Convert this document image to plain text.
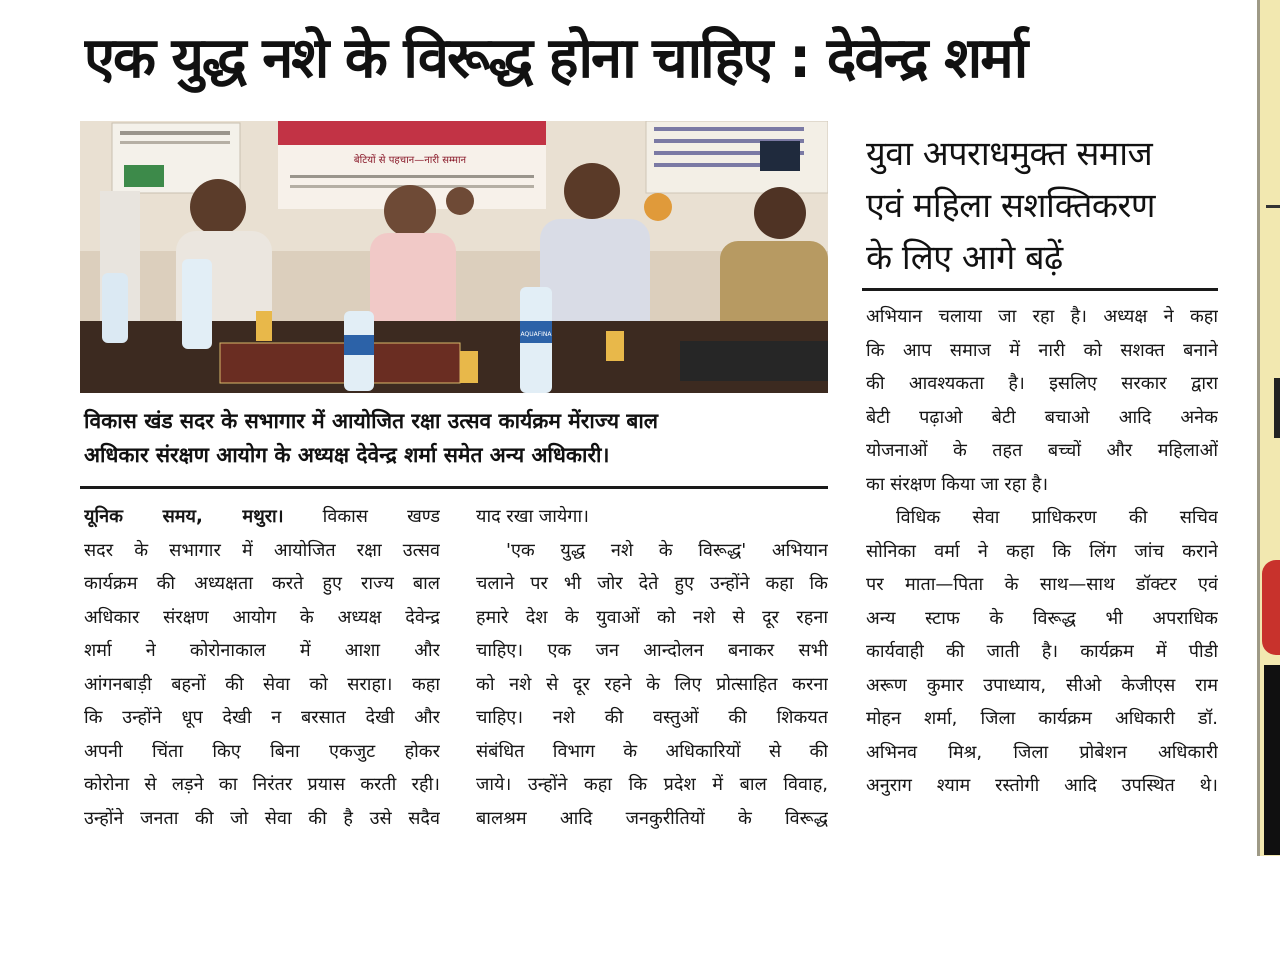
एक युद्ध नशे के विरूद्ध होना चाहिए : देवेन्द्र शर्मा
बेटियों से पहचान—नारी सम्मान
AQUAFINA

विकास खंड सदर के सभागार में आयोजित रक्षा उत्सव कार्यक्रम मेंराज्य बाल

अधिकार संरक्षण आयोग के अध्यक्ष देवेन्द्र शर्मा समेत अन्य अधिकारी।

युवा अपराधमुक्त समाज

एवं महिला सशक्तिकरण

के लिए आगे बढ़ें

यूनिक समय, मथुरा। विकास खण्ड

सदर के सभागार में आयोजित रक्षा उत्सव

कार्यक्रम की अध्यक्षता करते हुए राज्य बाल

अधिकार संरक्षण आयोग के अध्यक्ष देवेन्द्र

शर्मा ने कोरोनाकाल में आशा और

आंगनबाड़ी बहनों की सेवा को सराहा। कहा

कि उन्होंने धूप देखी न बरसात देखी और

अपनी चिंता किए बिना एकजुट होकर

कोरोना से लड़ने का निरंतर प्रयास करती रही।

उन्होंने जनता की जो सेवा की है उसे सदैव

याद रखा जायेगा।

'एक युद्ध नशे के विरूद्ध' अभियान

चलाने पर भी जोर देते हुए उन्होंने कहा कि

हमारे देश के युवाओं को नशे से दूर रहना

चाहिए। एक जन आन्दोलन बनाकर सभी

को नशे से दूर रहने के लिए प्रोत्साहित करना

चाहिए। नशे की वस्तुओं की शिकयत

संबंधित विभाग के अधिकारियों से की

जाये। उन्होंने कहा कि प्रदेश में बाल विवाह,

बालश्रम आदि जनकुरीतियों के विरूद्ध

अभियान चलाया जा रहा है। अध्यक्ष ने कहा

कि आप समाज में नारी को सशक्त बनाने

की आवश्यकता है। इसलिए सरकार द्वारा

बेटी पढ़ाओ बेटी बचाओ आदि अनेक

योजनाओं के तहत बच्चों और महिलाओं

का संरक्षण किया जा रहा है।

विधिक सेवा प्राधिकरण की सचिव

सोनिका वर्मा ने कहा कि लिंग जांच कराने

पर माता—पिता के साथ—साथ डॉक्टर एवं

अन्य स्टाफ के विरूद्ध भी अपराधिक

कार्यवाही की जाती है। कार्यक्रम में पीडी

अरूण कुमार उपाध्याय, सीओ केजीएस राम

मोहन शर्मा, जिला कार्यक्रम अधिकारी डॉ.

अभिनव मिश्र, जिला प्रोबेशन अधिकारी

अनुराग श्याम रस्तोगी आदि उपस्थित थे।
